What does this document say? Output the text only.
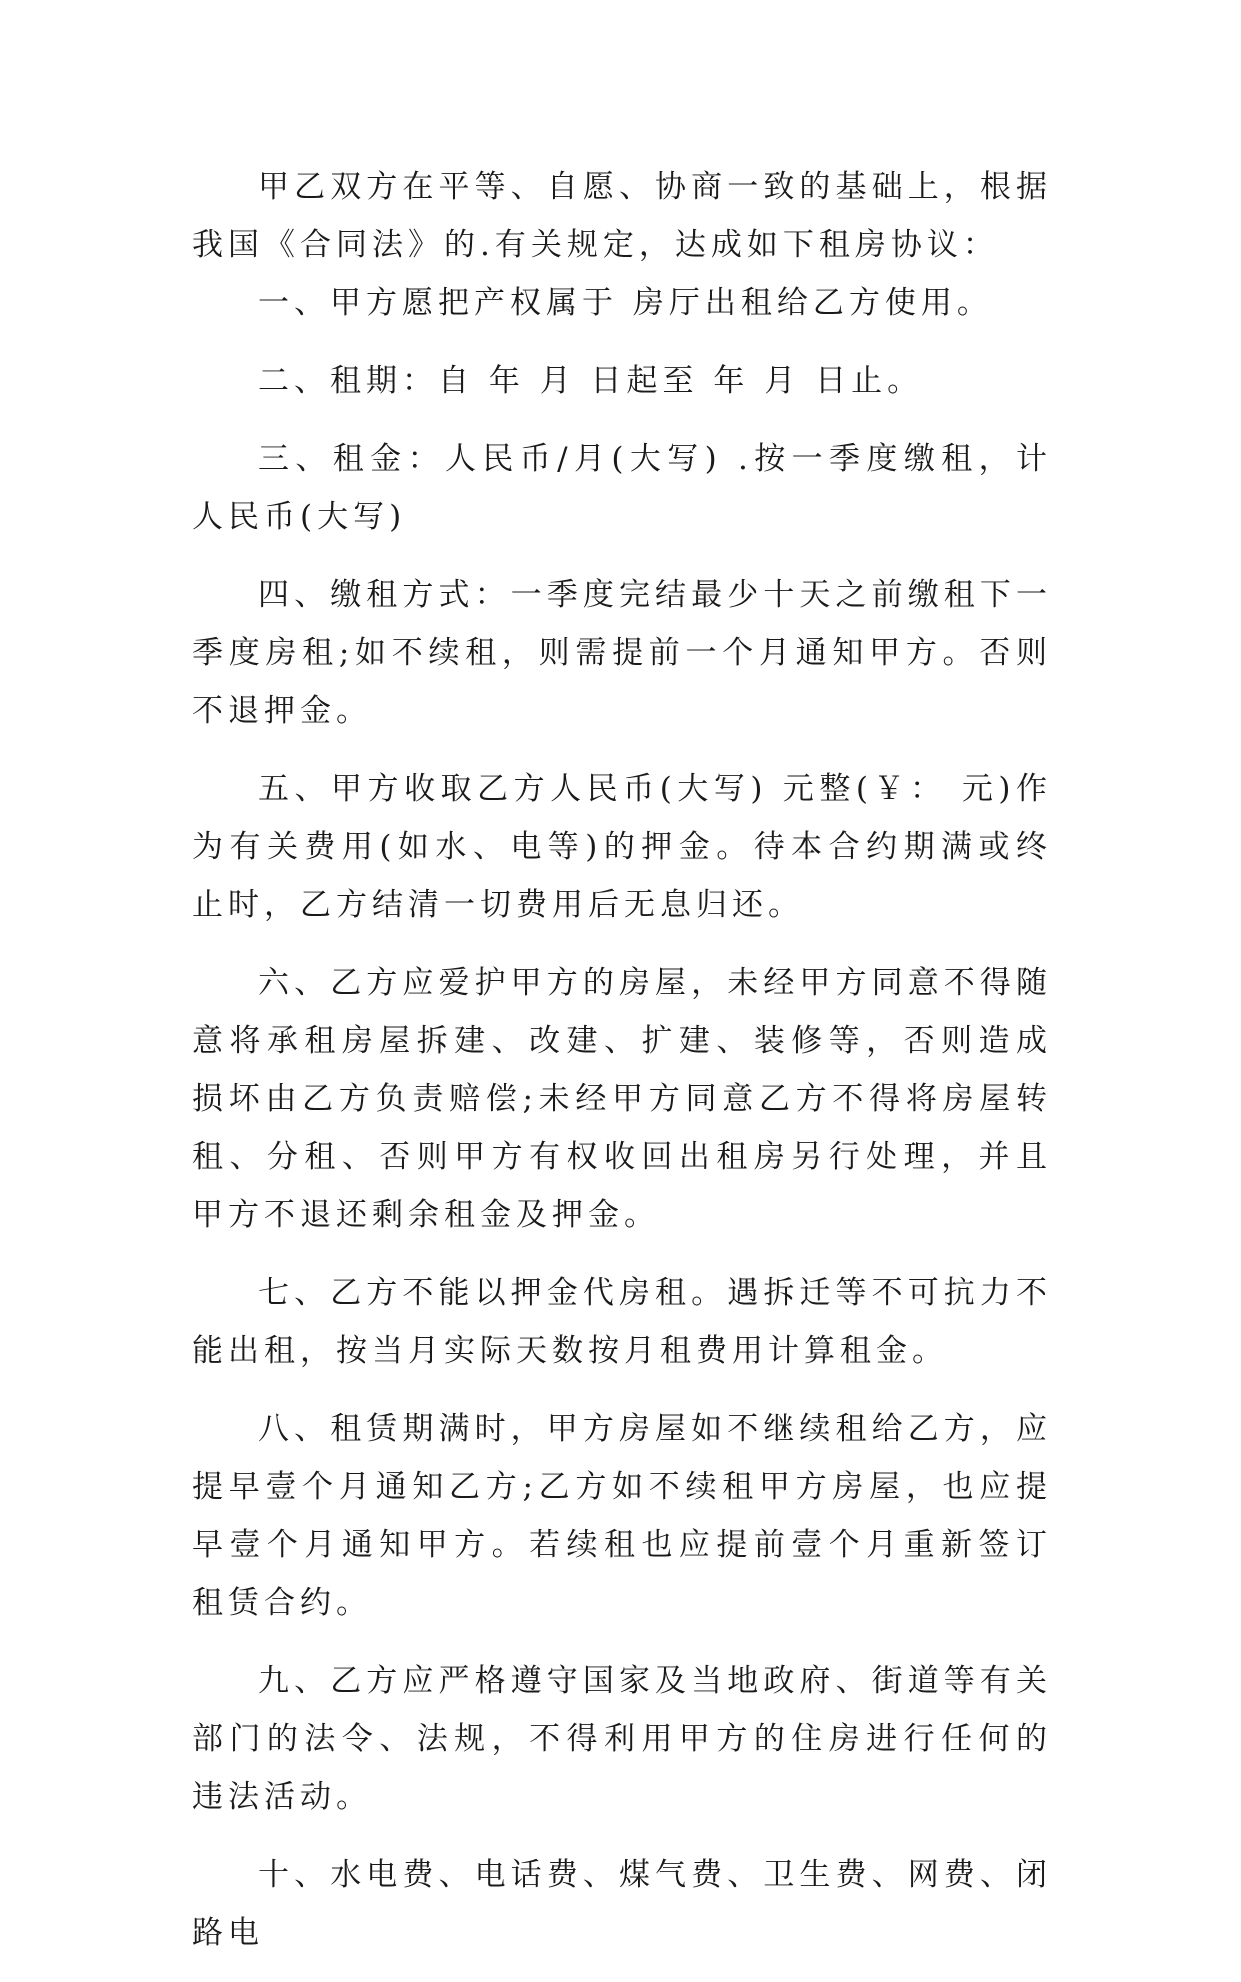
甲乙双方在平等、自愿、协商一致的基础上，根据我国《合同法》的.有关规定，达成如下租房协议：

一、甲方愿把产权属于 房厅出租给乙方使用。

二、租期：自 年 月 日起至 年 月 日止。

三、租金：人民币/月(大写) .按一季度缴租，计人民币(大写)

四、缴租方式：一季度完结最少十天之前缴租下一季度房租;如不续租，则需提前一个月通知甲方。否则不退押金。

五、甲方收取乙方人民币(大写) 元整(￥： 元)作为有关费用(如水、电等)的押金。待本合约期满或终止时，乙方结清一切费用后无息归还。

六、乙方应爱护甲方的房屋，未经甲方同意不得随意将承租房屋拆建、改建、扩建、装修等，否则造成损坏由乙方负责赔偿;未经甲方同意乙方不得将房屋转租、分租、否则甲方有权收回出租房另行处理，并且甲方不退还剩余租金及押金。

七、乙方不能以押金代房租。遇拆迁等不可抗力不能出租，按当月实际天数按月租费用计算租金。

八、租赁期满时，甲方房屋如不继续租给乙方，应提早壹个月通知乙方;乙方如不续租甲方房屋，也应提早壹个月通知甲方。若续租也应提前壹个月重新签订租赁合约。

九、乙方应严格遵守国家及当地政府、街道等有关部门的法令、法规，不得利用甲方的住房进行任何的违法活动。

十、水电费、电话费、煤气费、卫生费、网费、闭路电
